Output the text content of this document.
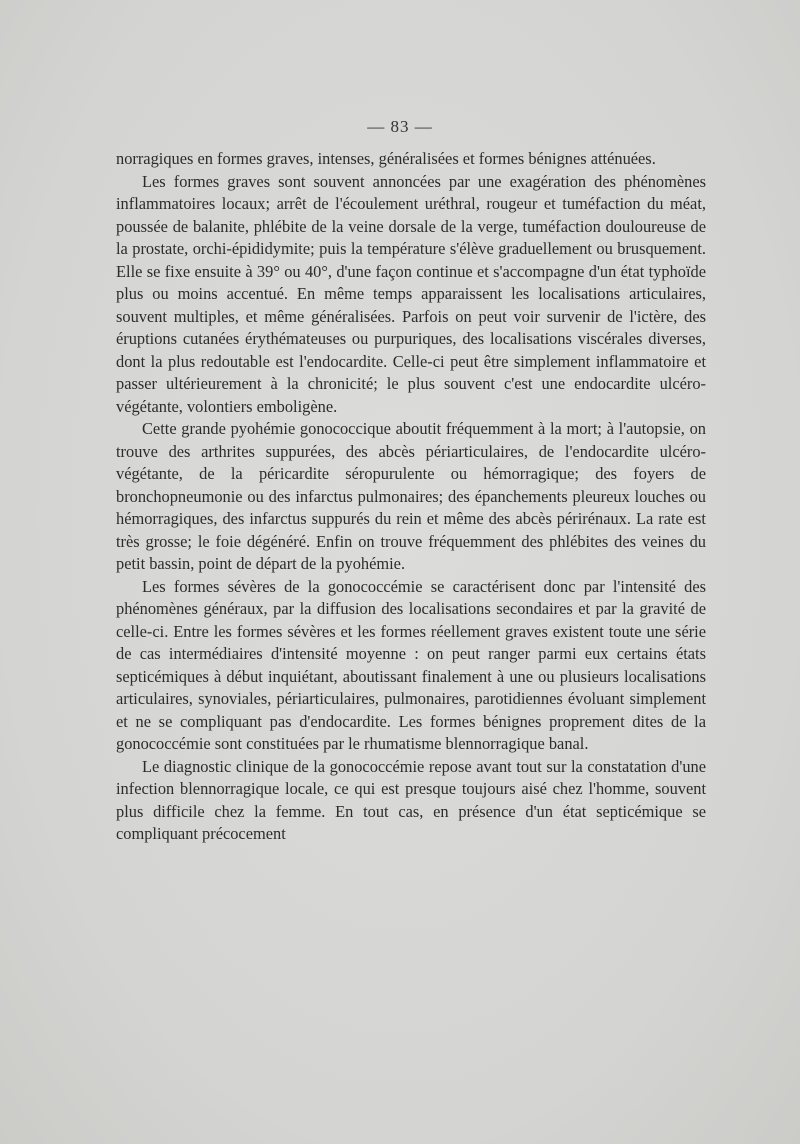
— 83 —

norragiques en formes graves, intenses, généralisées et formes bénignes atténuées.

Les formes graves sont souvent annoncées par une exagération des phénomènes inflammatoires locaux; arrêt de l'écoulement uréthral, rougeur et tuméfaction du méat, poussée de balanite, phlébite de la veine dorsale de la verge, tuméfaction douloureuse de la prostate, orchi-épididymite; puis la température s'élève graduellement ou brusquement. Elle se fixe ensuite à 39° ou 40°, d'une façon continue et s'accompagne d'un état typhoïde plus ou moins accentué. En même temps apparaissent les localisations articulaires, souvent multiples, et même généralisées. Parfois on peut voir survenir de l'ictère, des éruptions cutanées érythémateuses ou purpuriques, des localisations viscérales diverses, dont la plus redoutable est l'endocardite. Celle-ci peut être simplement inflammatoire et passer ultérieurement à la chronicité; le plus souvent c'est une endocardite ulcéro-végétante, volontiers emboligène.

Cette grande pyohémie gonococcique aboutit fréquemment à la mort; à l'autopsie, on trouve des arthrites suppurées, des abcès périarticulaires, de l'endocardite ulcéro-végétante, de la péricardite séropurulente ou hémorragique; des foyers de bronchopneumonie ou des infarctus pulmonaires; des épanchements pleureux louches ou hémorragiques, des infarctus suppurés du rein et même des abcès périrénaux. La rate est très grosse; le foie dégénéré. Enfin on trouve fréquemment des phlébites des veines du petit bassin, point de départ de la pyohémie.

Les formes sévères de la gonococcémie se caractérisent donc par l'intensité des phénomènes généraux, par la diffusion des localisations secondaires et par la gravité de celle-ci. Entre les formes sévères et les formes réellement graves existent toute une série de cas intermédiaires d'intensité moyenne : on peut ranger parmi eux certains états septicémiques à début inquiétant, aboutissant finalement à une ou plusieurs localisations articulaires, synoviales, périarticulaires, pulmonaires, parotidiennes évoluant simplement et ne se compliquant pas d'endocardite. Les formes bénignes proprement dites de la gonococcémie sont constituées par le rhumatisme blennorragique banal.

Le diagnostic clinique de la gonococcémie repose avant tout sur la constatation d'une infection blennorragique locale, ce qui est presque toujours aisé chez l'homme, souvent plus difficile chez la femme. En tout cas, en présence d'un état septicémique se compliquant précocement
